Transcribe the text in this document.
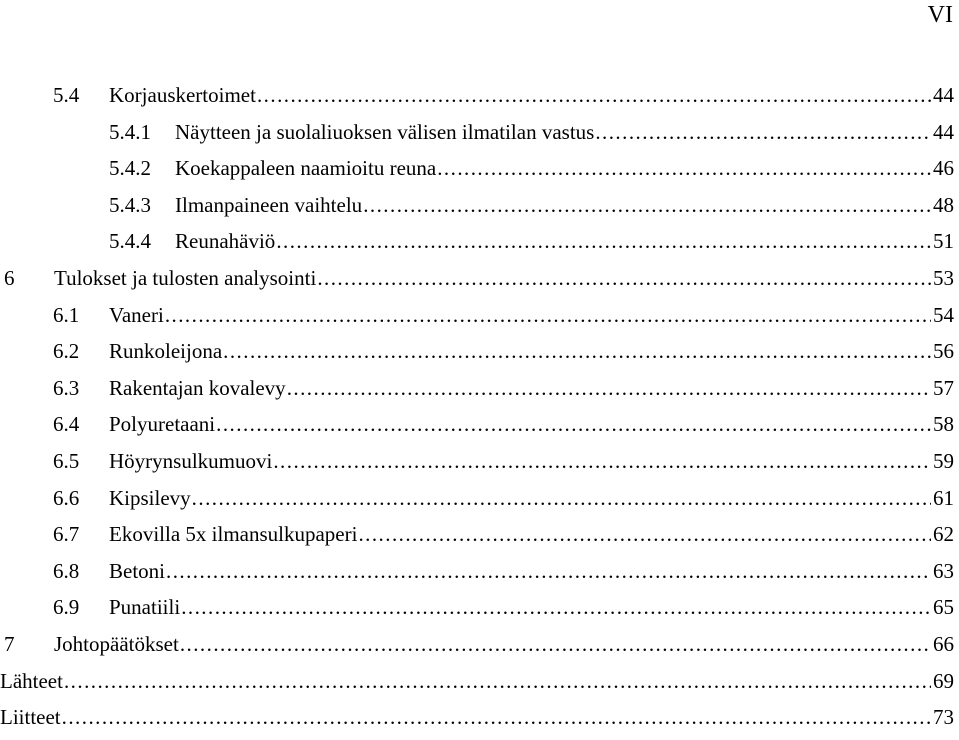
VI
5.4	Korjauskertoimet . . .	44
5.4.1	Näytteen ja suolaliuoksen välisen ilmatilan vastus . . .	44
5.4.2	Koekappaleen naamioitu reuna . . .	46
5.4.3	Ilmanpaineen vaihtelu . . .	48
5.4.4	Reunahäviö . . .	51
6	Tulokset ja tulosten analysointi . . .	53
6.1	Vaneri . . .	54
6.2	Runkoleijona . . .	56
6.3	Rakentajan kovalevy . . .	57
6.4	Polyuretaani . . .	58
6.5	Höyrynsulkumuovi . . .	59
6.6	Kipsilevy . . .	61
6.7	Ekovilla 5x ilmansulkupaperi . . .	62
6.8	Betoni . . .	63
6.9	Punatiili . . .	65
7	Johtopäätökset . . .	66
Lähteet . . .	69
Liitteet . . .	73
